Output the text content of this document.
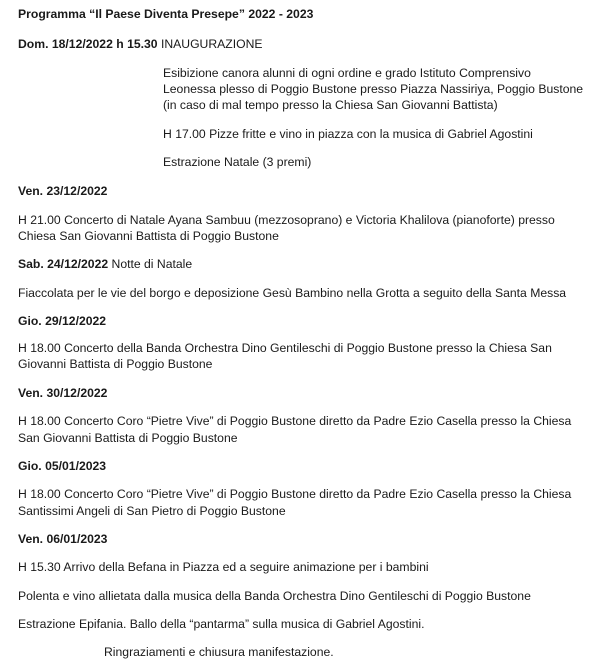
Programma “Il Paese Diventa Presepe” 2022 - 2023
Dom. 18/12/2022 h 15.30 INAUGURAZIONE
Esibizione canora alunni di ogni ordine e grado Istituto Comprensivo
Leonessa plesso di Poggio Bustone presso Piazza Nassiriya, Poggio Bustone
(in caso di mal tempo presso la Chiesa San Giovanni Battista)
H 17.00 Pizze fritte e vino in piazza con la musica di Gabriel Agostini
Estrazione Natale (3 premi)
Ven. 23/12/2022
H 21.00 Concerto di Natale Ayana Sambuu (mezzosoprano) e Victoria Khalilova (pianoforte) presso
Chiesa San Giovanni Battista di Poggio Bustone
Sab. 24/12/2022 Notte di Natale
Fiaccolata per le vie del borgo e deposizione Gesù Bambino nella Grotta a seguito della Santa Messa
Gio. 29/12/2022
H 18.00 Concerto della Banda Orchestra Dino Gentileschi di Poggio Bustone presso la Chiesa San
Giovanni Battista di Poggio Bustone
Ven. 30/12/2022
H 18.00 Concerto Coro “Pietre Vive” di Poggio Bustone diretto da Padre Ezio Casella presso la Chiesa
San Giovanni Battista di Poggio Bustone
Gio. 05/01/2023
H 18.00 Concerto Coro “Pietre Vive” di Poggio Bustone diretto da Padre Ezio Casella presso la Chiesa
Santissimi Angeli di San Pietro di Poggio Bustone
Ven. 06/01/2023
H 15.30 Arrivo della Befana in Piazza ed a seguire animazione per i bambini
Polenta e vino allietata dalla musica della Banda Orchestra Dino Gentileschi di Poggio Bustone
Estrazione Epifania. Ballo della “pantarma” sulla musica di Gabriel Agostini.
Ringraziamenti e chiusura manifestazione.
